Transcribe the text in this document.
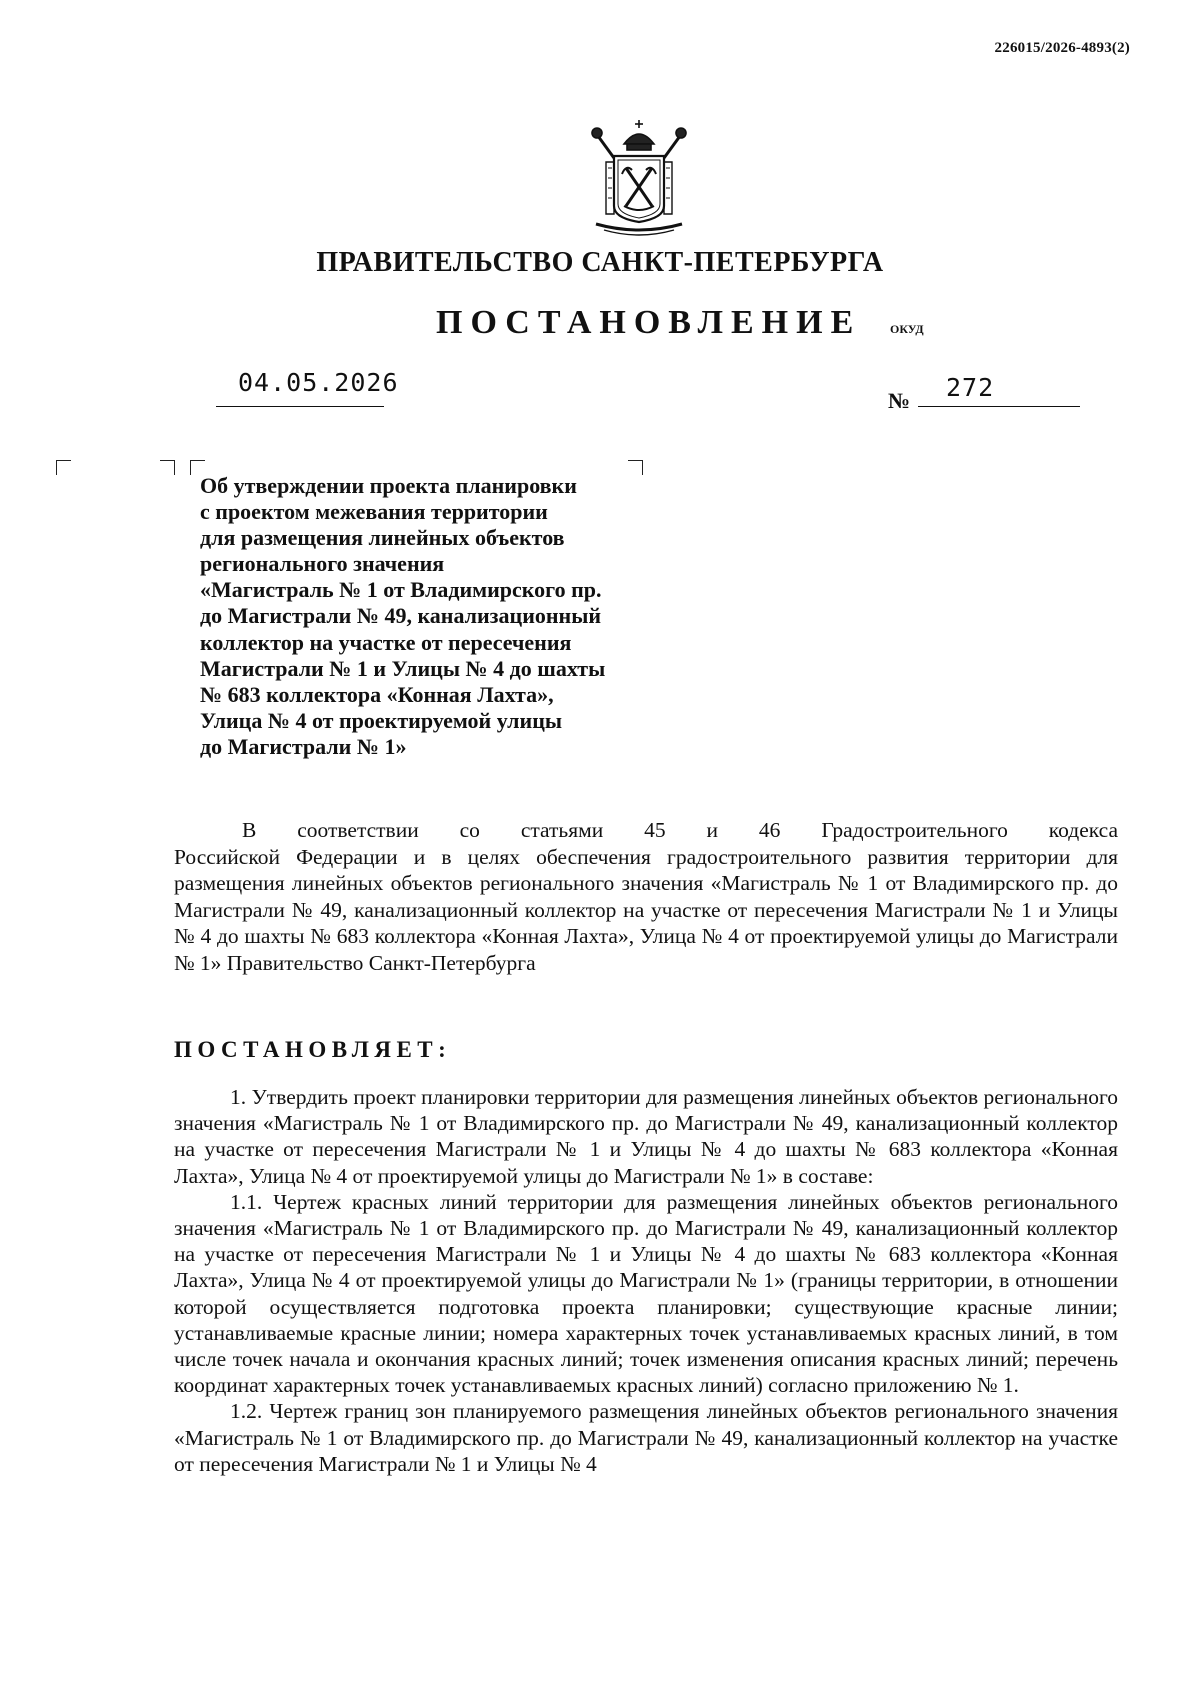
226015/2026-4893(2)
ПРАВИТЕЛЬСТВО САНКТ-ПЕТЕРБУРГА
ПОСТАНОВЛЕНИЕ ОКУД
04.05.2026
№ 272
Об утверждении проекта планировки
с проектом межевания территории
для размещения линейных объектов
регионального значения
«Магистраль № 1 от Владимирского пр.
до Магистрали № 49, канализационный
коллектор на участке от пересечения
Магистрали № 1 и Улицы № 4 до шахты
№ 683 коллектора «Конная Лахта»,
Улица № 4 от проектируемой улицы
до Магистрали № 1»
В соответствии со статьями 45 и 46 Градостроительного кодекса
Российской Федерации и в целях обеспечения градостроительного развития территории для размещения линейных объектов регионального значения «Магистраль № 1 от Владимирского пр. до Магистрали № 49, канализационный коллектор на участке от пересечения Магистрали № 1 и Улицы № 4 до шахты № 683 коллектора «Конная Лахта», Улица № 4 от проектируемой улицы до Магистрали № 1» Правительство Санкт-Петербурга
ПОСТАНОВЛЯЕТ:

1. Утвердить проект планировки территории для размещения линейных объектов регионального значения «Магистраль № 1 от Владимирского пр. до Магистрали № 49, канализационный коллектор на участке от пересечения Магистрали № 1 и Улицы № 4 до шахты № 683 коллектора «Конная Лахта», Улица № 4 от проектируемой улицы до Магистрали № 1» в составе:

1.1. Чертеж красных линий территории для размещения линейных объектов регионального значения «Магистраль № 1 от Владимирского пр. до Магистрали № 49, канализационный коллектор на участке от пересечения Магистрали № 1 и Улицы № 4 до шахты № 683 коллектора «Конная Лахта», Улица № 4 от проектируемой улицы до Магистрали № 1» (границы территории, в отношении которой осуществляется подготовка проекта планировки; существующие красные линии; устанавливаемые красные линии; номера характерных точек устанавливаемых красных линий, в том числе точек начала и окончания красных линий; точек изменения описания красных линий; перечень координат характерных точек устанавливаемых красных линий) согласно приложению № 1.

1.2. Чертеж границ зон планируемого размещения линейных объектов регионального значения «Магистраль № 1 от Владимирского пр. до Магистрали № 49, канализационный коллектор на участке от пересечения Магистрали № 1 и Улицы № 4
